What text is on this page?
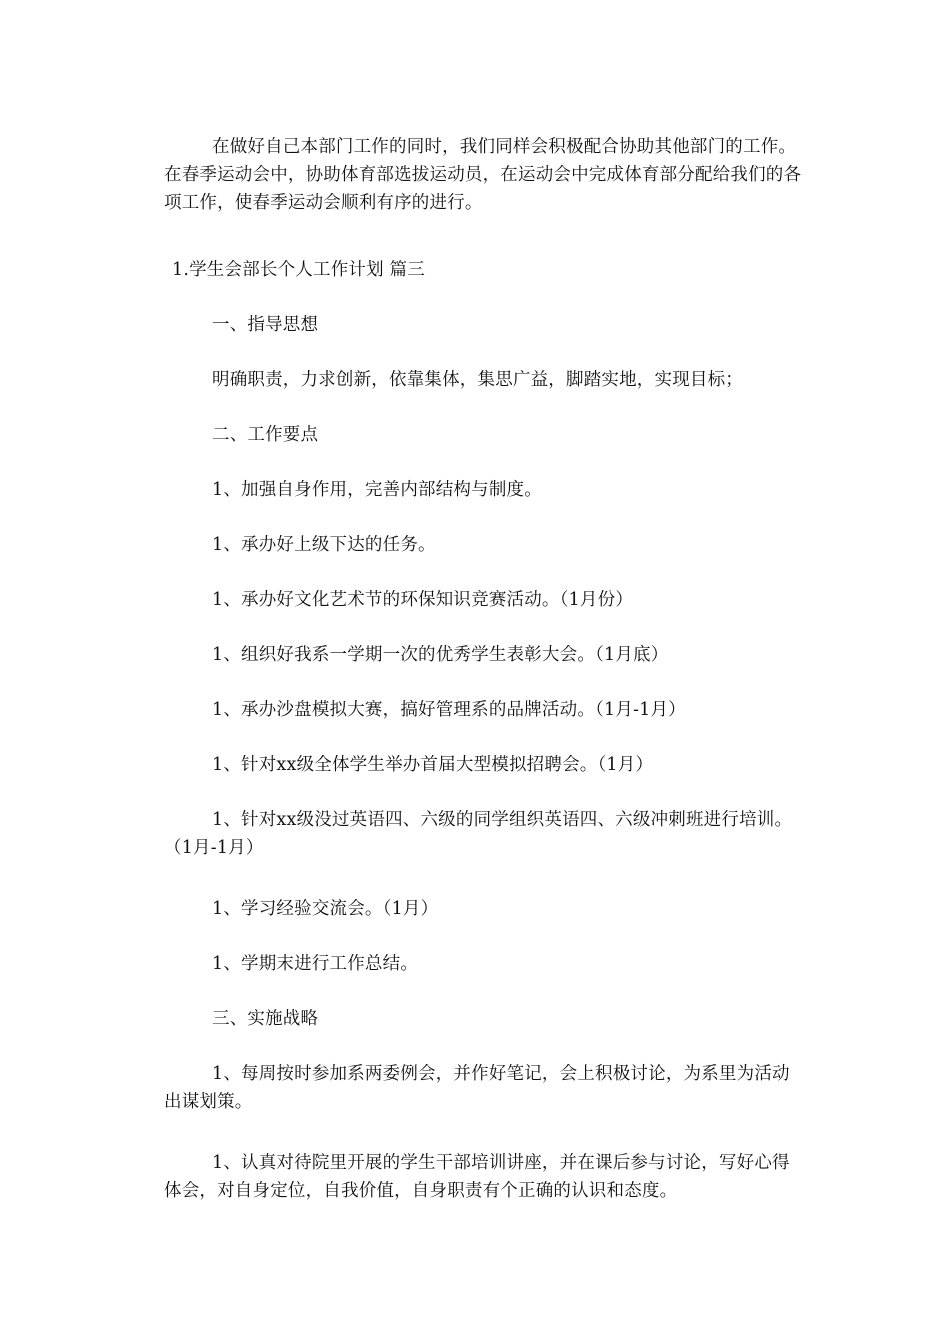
在做好自己本部门工作的同时，我们同样会积极配合协助其他部门的工作。在春季运动会中，协助体育部选拔运动员，在运动会中完成体育部分配给我们的各项工作，使春季运动会顺利有序的进行。

1.学生会部长个人工作计划 篇三

一、指导思想

明确职责，力求创新，依靠集体，集思广益，脚踏实地，实现目标；

二、工作要点

1、加强自身作用，完善内部结构与制度。

1、承办好上级下达的任务。

1、承办好文化艺术节的环保知识竞赛活动。（1月份）

1、组织好我系一学期一次的优秀学生表彰大会。（1月底）

1、承办沙盘模拟大赛，搞好管理系的品牌活动。（1月-1月）

1、针对xx级全体学生举办首届大型模拟招聘会。（1月）

1、针对xx级没过英语四、六级的同学组织英语四、六级冲刺班进行培训。（1月-1月）

1、学习经验交流会。（1月）

1、学期末进行工作总结。

三、实施战略

1、每周按时参加系两委例会，并作好笔记，会上积极讨论，为系里为活动出谋划策。

1、认真对待院里开展的学生干部培训讲座，并在课后参与讨论，写好心得体会，对自身定位，自我价值，自身职责有个正确的认识和态度。
